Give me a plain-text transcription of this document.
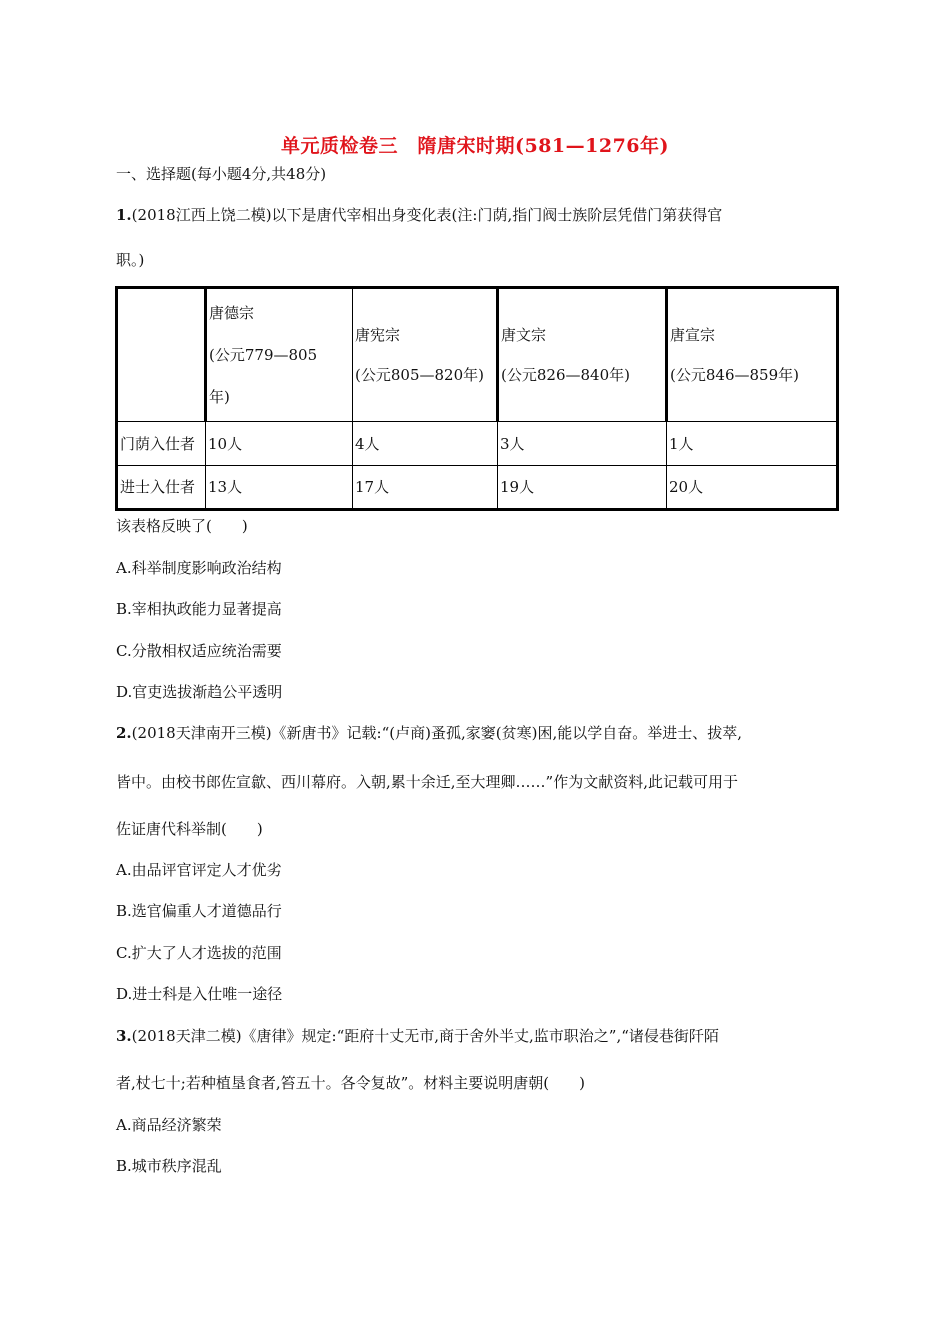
单元质检卷三　隋唐宋时期(581—1276年)
一、选择题(每小题4分,共48分)
1.(2018江西上饶二模)以下是唐代宰相出身变化表(注:门荫,指门阀士族阶层凭借门第获得官
职。)

	唐德宗
(公元779—805
年)	唐宪宗
(公元805—820年)	唐文宗
(公元826—840年)	唐宣宗
(公元846—859年)

门荫入仕者	10人	4人	3人	1人
进士入仕者	13人	17人	19人	20人
该表格反映了(　　)
A.科举制度影响政治结构
B.宰相执政能力显著提高
C.分散相权适应统治需要
D.官吏选拔渐趋公平透明
2.(2018天津南开三模)《新唐书》记载:“(卢商)蚤孤,家窭(贫寒)困,能以学自奋。举进士、拔萃,
皆中。由校书郎佐宣歙、西川幕府。入朝,累十余迁,至大理卿……”作为文献资料,此记载可用于
佐证唐代科举制(　　)
A.由品评官评定人才优劣
B.选官偏重人才道德品行
C.扩大了人才选拔的范围
D.进士科是入仕唯一途径
3.(2018天津二模)《唐律》规定:“距府十丈无市,商于舍外半丈,监市职治之”,“诸侵巷街阡陌
者,杖七十;若种植垦食者,笞五十。各令复故”。材料主要说明唐朝(　　)
A.商品经济繁荣
B.城市秩序混乱
